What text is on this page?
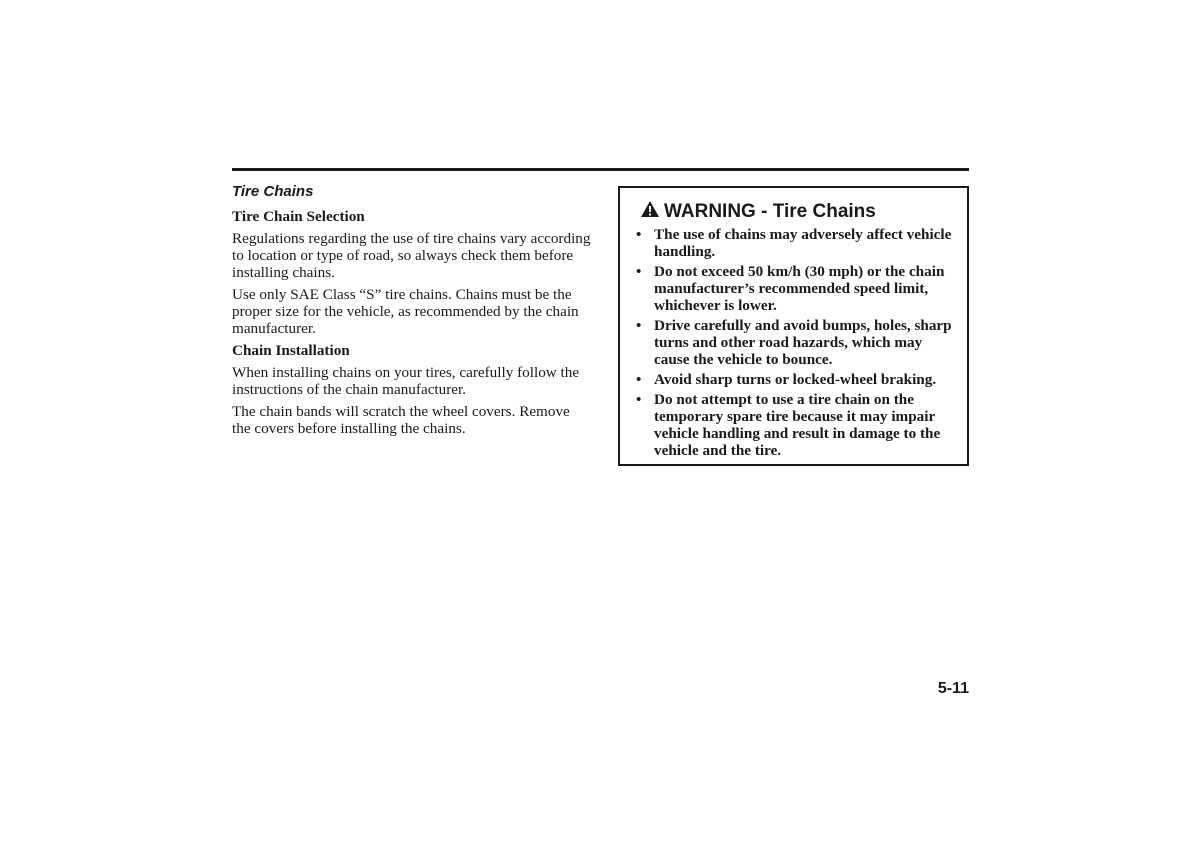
Tire Chains
Tire Chain Selection

Regulations regarding the use of tire chains vary according to location or type of road, so always check them before installing chains.

Use only SAE Class “S” tire chains. Chains must be the proper size for the vehicle, as recommended by the chain manufacturer.

Chain Installation

When installing chains on your tires, carefully follow the instructions of the chain manufacturer.

The chain bands will scratch the wheel covers. Remove the covers before installing the chains.

WARNING - Tire Chains
• The use of chains may adversely affect vehicle handling.
• Do not exceed 50 km/h (30 mph) or the chain manufacturer’s recommended speed limit, whichever is lower.
• Drive carefully and avoid bumps, holes, sharp turns and other road hazards, which may cause the vehicle to bounce.
• Avoid sharp turns or locked-wheel braking.
• Do not attempt to use a tire chain on the temporary spare tire because it may impair vehicle handling and result in damage to the vehicle and the tire.
5-11
